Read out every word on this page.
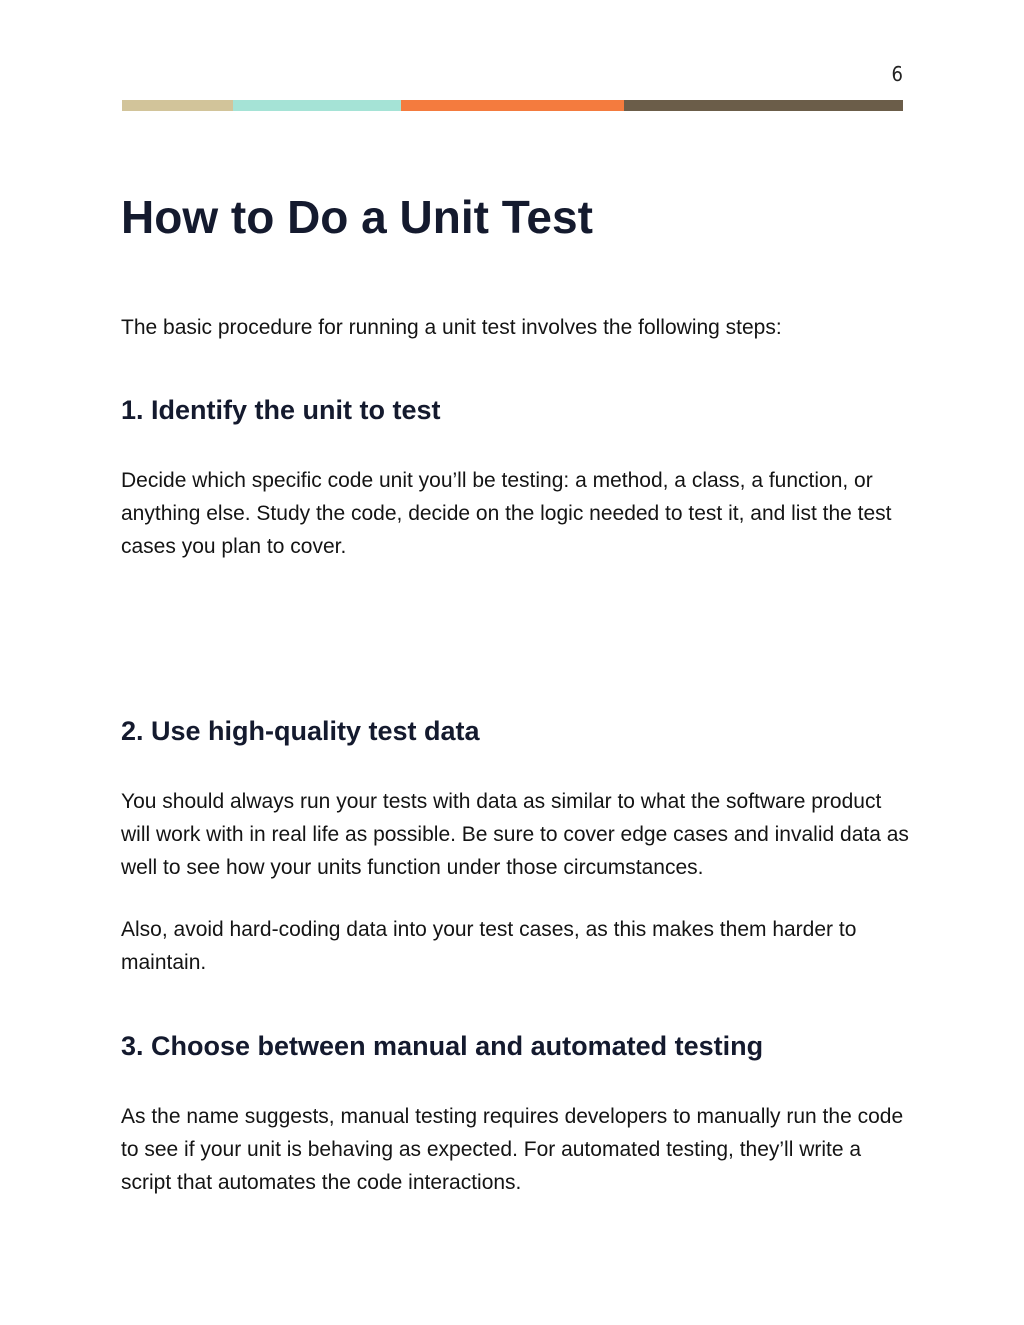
6
How to Do a Unit Test

The basic procedure for running a unit test involves the following steps:

1. Identify the unit to test

Decide which specific code unit you’ll be testing: a method, a class, a function, or anything else. Study the code, decide on the logic needed to test it, and list the test cases you plan to cover.

2. Use high-quality test data

You should always run your tests with data as similar to what the software product will work with in real life as possible. Be sure to cover edge cases and invalid data as well to see how your units function under those circumstances.

Also, avoid hard-coding data into your test cases, as this makes them harder to maintain.

3. Choose between manual and automated testing

As the name suggests, manual testing requires developers to manually run the code to see if your unit is behaving as expected. For automated testing, they’ll write a script that automates the code interactions.
